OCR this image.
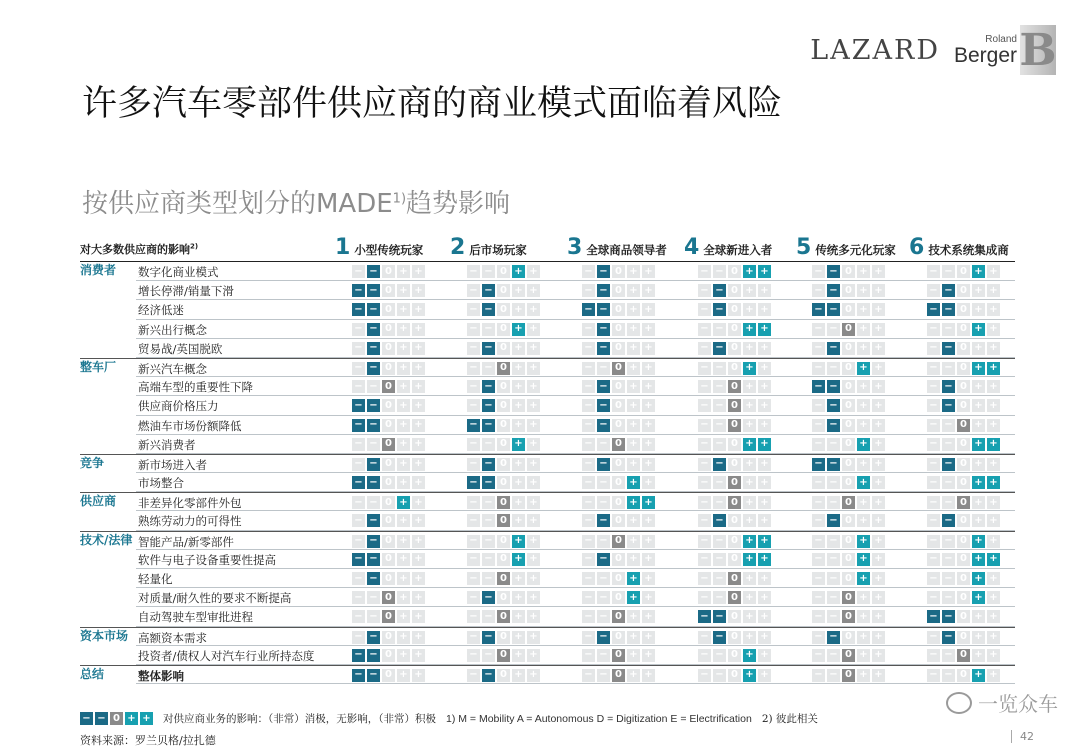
LAZARD	Roland
Berger B
许多汽车零部件供应商的商业模式面临着风险
按供应商类型划分的MADE$^{1)}$趋势影响
对大多数供应商的影响$^{2)}$	1 小型传统玩家 2 后市场玩家 3 全球商品领导者 4 全球新进入者 5 传统多元化玩家 6 技术系统集成商
消费者	数字化商业模式	− − 0 + +	− − 0 + +	− − 0 + +	− − 0 + +	− − 0 + +	− − 0 + +
增长停滞/销量下滑	− − 0 + +	− − 0 + +	− − 0 + +	− − 0 + +	− − 0 + +	− − 0 + +
经济低迷	− − 0 + +	− − 0 + +	− − 0 + +	− − 0 + +	− − 0 + +	− − 0 + +
新兴出行概念	− − 0 + +	− − 0 + +	− − 0 + +	− − 0 + +	− − 0 + +	− − 0 + +
贸易战/英国脱欧	− − 0 + +	− − 0 + +	− − 0 + +	− − 0 + +	− − 0 + +	− − 0 + +
整车厂	新兴汽车概念	− − 0 + +	− − 0 + +	− − 0 + +	− − 0 + +	− − 0 + +	− − 0 + +
高端车型的重要性下降	− − 0 + +	− − 0 + +	− − 0 + +	− − 0 + +	− − 0 + +	− − 0 + +
供应商价格压力	− − 0 + +	− − 0 + +	− − 0 + +	− − 0 + +	− − 0 + +	− − 0 + +
燃油车市场份额降低	− − 0 + +	− − 0 + +	− − 0 + +	− − 0 + +	− − 0 + +	− − 0 + +
新兴消费者	− − 0 + +	− − 0 + +	− − 0 + +	− − 0 + +	− − 0 + +	− − 0 + +
竞争	新市场进入者	− − 0 + +	− − 0 + +	− − 0 + +	− − 0 + +	− − 0 + +	− − 0 + +
市场整合	− − 0 + +	− − 0 + +	− − 0 + +	− − 0 + +	− − 0 + +	− − 0 + +
供应商	非差异化零部件外包	− − 0 + +	− − 0 + +	− − 0 + +	− − 0 + +	− − 0 + +	− − 0 + +
熟练劳动力的可得性	− − 0 + +	− − 0 + +	− − 0 + +	− − 0 + +	− − 0 + +	− − 0 + +
技术/法律 智能产品/新零部件	− − 0 + +	− − 0 + +	− − 0 + +	− − 0 + +	− − 0 + +	− − 0 + +
软件与电子设备重要性提高	− − 0 + +	− − 0 + +	− − 0 + +	− − 0 + +	− − 0 + +	− − 0 + +
轻量化	− − 0 + +	− − 0 + +	− − 0 + +	− − 0 + +	− − 0 + +	− − 0 + +
对质量/耐久性的要求不断提高	− − 0 + +	− − 0 + +	− − 0 + +	− − 0 + +	− − 0 + +	− − 0 + +
自动驾驶车型审批进程	− − 0 + +	− − 0 + +	− − 0 + +	− − 0 + +	− − 0 + +	− − 0 + +
资本市场 高额资本需求	− − 0 + +	− − 0 + +	− − 0 + +	− − 0 + +	− − 0 + +	− − 0 + +
投资者/债权人对汽车行业所持态度	− − 0 + +	− − 0 + +	− − 0 + +	− − 0 + +	− − 0 + +	− − 0 + +
总结	整体影响	− − 0 + +	− − 0 + +	− − 0 + +	− − 0 + +	− − 0 + +	− − 0 + +
− − 0 + + 对供应商业务的影响：（非常）消极，无影响，（非常）积极 1) M = Mobility A = Autonomous D = Digitization E = Electrification 2) 彼此相关
资料来源：罗兰贝格/拉扎德	42
一览众车
